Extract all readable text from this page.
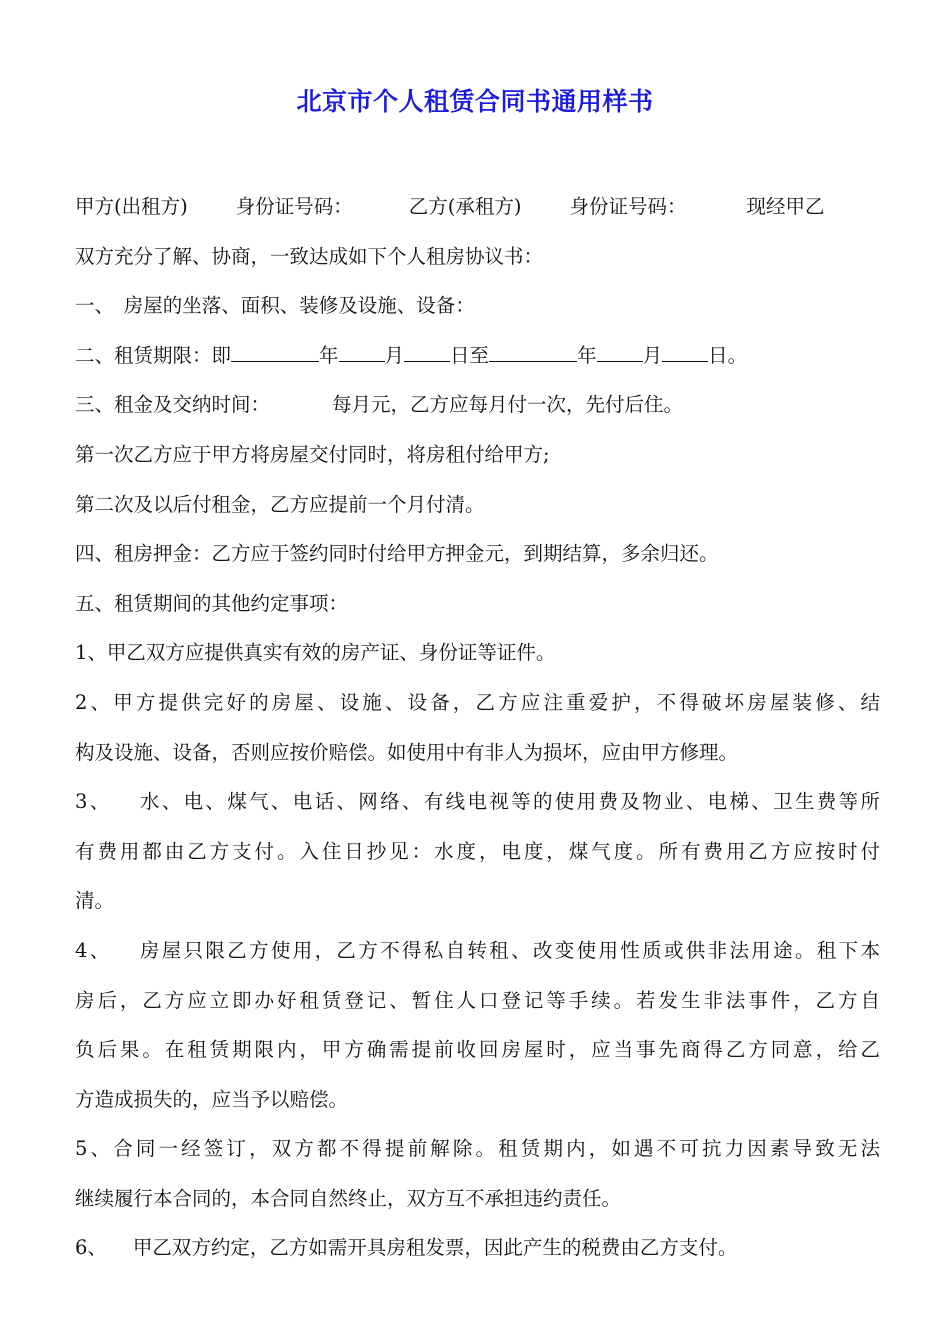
北京市个人租赁合同书通用样书
甲方(出租方) 身份证号码：	乙方(承租方) 身份证号码：	现经甲乙
双方充分了解、协商，一致达成如下个人租房协议书：
一、　房屋的坐落、面积、装修及设施、设备：
二、租赁期限：即	年 月 日至	年 月 日。
三、租金及交纳时间：	每月元，乙方应每月付一次，先付后住。
第一次乙方应于甲方将房屋交付同时，将房租付给甲方;
第二次及以后付租金，乙方应提前一个月付清。
四、租房押金：乙方应于签约同时付给甲方押金元，到期结算，多余归还。
五、租赁期间的其他约定事项：
1、甲乙双方应提供真实有效的房产证、身份证等证件。
2、甲方提供完好的房屋、设施、设备，乙方应注重爱护，不得破坏房屋装修、结
构及设施、设备，否则应按价赔偿。如使用中有非人为损坏，应由甲方修理。
3、 水、电、煤气、电话、网络、有线电视等的使用费及物业、电梯、卫生费等所
有费用都由乙方支付。入住日抄见：水度，电度，煤气度。所有费用乙方应按时付
清。
4、 房屋只限乙方使用，乙方不得私自转租、改变使用性质或供非法用途。租下本
房后，乙方应立即办好租赁登记、暂住人口登记等手续。若发生非法事件，乙方自
负后果。在租赁期限内，甲方确需提前收回房屋时，应当事先商得乙方同意，给乙
方造成损失的，应当予以赔偿。
5、合同一经签订，双方都不得提前解除。租赁期内，如遇不可抗力因素导致无法
继续履行本合同的，本合同自然终止，双方互不承担违约责任。
6、 甲乙双方约定，乙方如需开具房租发票，因此产生的税费由乙方支付。
